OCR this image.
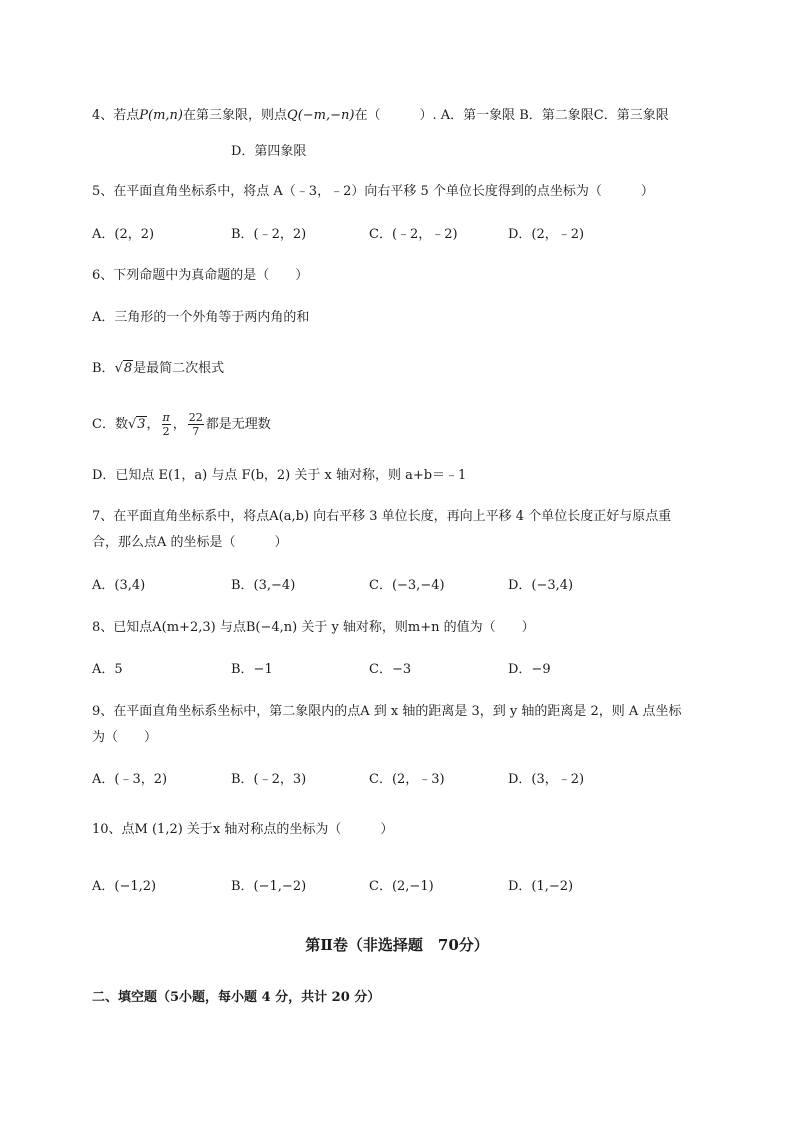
4、若点P(m,n)在第三象限，则点Q(−m,−n)在（　　　）. A．第一象限 B．第二象限C．第三象限
D．第四象限
5、在平面直角坐标系中，将点 A（﹣3，﹣2）向右平移 5 个单位长度得到的点坐标为（　　　）
A．(2，2)	B．(﹣2，2)	C．(﹣2，﹣2)	D．(2，﹣2)
6、下列命题中为真命题的是（　　）
A．三角形的一个外角等于两内角的和
B．√8是最简二次根式
C．数√3， $\frac{\pi}{2}$ ， $\frac{22}{7}$ 都是无理数
D．已知点 E(1，a) 与点 F(b，2) 关于 x 轴对称，则 a+b＝﹣1
7、在平面直角坐标系中，将点A(a,b) 向右平移 3 单位长度，再向上平移 4 个单位长度正好与原点重
合，那么点A 的坐标是（　　　）
A．(3,4)	B．(3,−4)	C．(−3,−4)	D．(−3,4)
8、已知点A(m+2,3) 与点B(−4,n) 关于 y 轴对称，则m+n 的值为（　　）
A．5	B．−1	C．−3	D．−9
9、在平面直角坐标系坐标中，第二象限内的点A 到 x 轴的距离是 3，到 y 轴的距离是 2，则 A 点坐标
为（　　）
A．(﹣3，2)	B．(﹣2，3)	C．(2，﹣3)	D．(3，﹣2)
10、点M (1,2) 关于x 轴对称点的坐标为（　　　）
A．(−1,2)	B．(−1,−2)	C．(2,−1)	D．(1,−2)
第Ⅱ卷（非选择题　70分）
二、填空题（5小题，每小题 4 分，共计 20 分）
